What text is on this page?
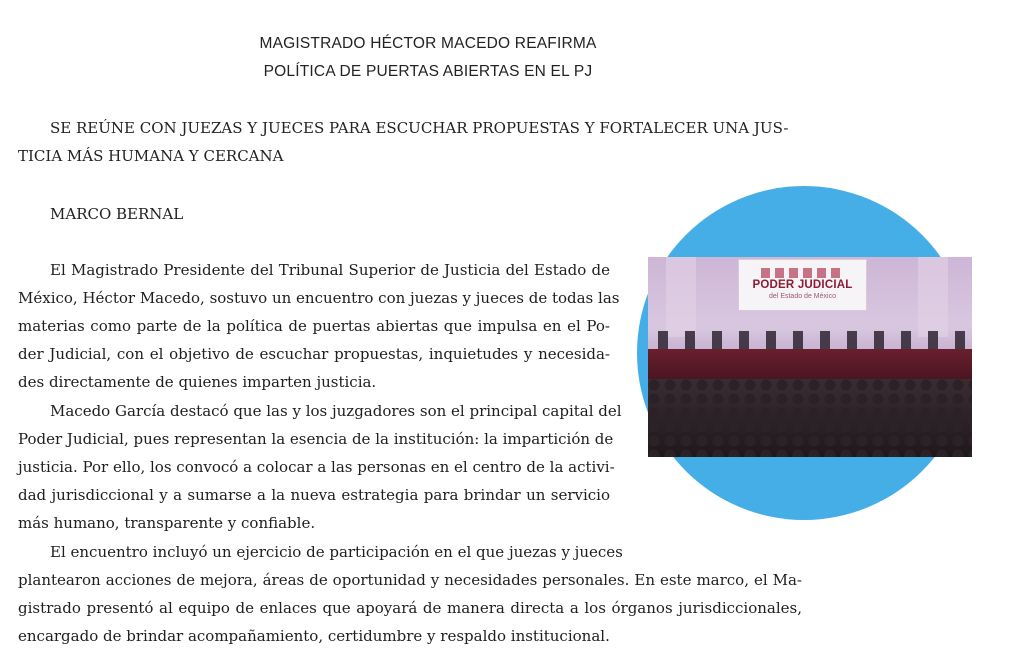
MAGISTRADO HÉCTOR MACEDO REAFIRMA
POLÍTICA DE PUERTAS ABIERTAS EN EL PJ
SE REÚNE CON JUEZAS Y JUECES PARA ESCUCHAR PROPUESTAS Y FORTALECER UNA JUS-
TICIA MÁS HUMANA Y CERCANA
MARCO BERNAL
El Magistrado Presidente del Tribunal Superior de Justicia del Estado de
México, Héctor Macedo, sostuvo un encuentro con juezas y jueces de todas las
materias como parte de la política de puertas abiertas que impulsa en el Po-
der Judicial, con el objetivo de escuchar propuestas, inquietudes y necesida-
des directamente de quienes imparten justicia.
Macedo García destacó que las y los juzgadores son el principal capital del
Poder Judicial, pues representan la esencia de la institución: la impartición de
justicia. Por ello, los convocó a colocar a las personas en el centro de la activi-
dad jurisdiccional y a sumarse a la nueva estrategia para brindar un servicio
más humano, transparente y confiable.
El encuentro incluyó un ejercicio de participación en el que juezas y jueces
plantearon acciones de mejora, áreas de oportunidad y necesidades personales. En este marco, el Ma-
gistrado presentó al equipo de enlaces que apoyará de manera directa a los órganos jurisdiccionales,
encargado de brindar acompañamiento, certidumbre y respaldo institucional.
PODER JUDICIAL
del Estado de México
